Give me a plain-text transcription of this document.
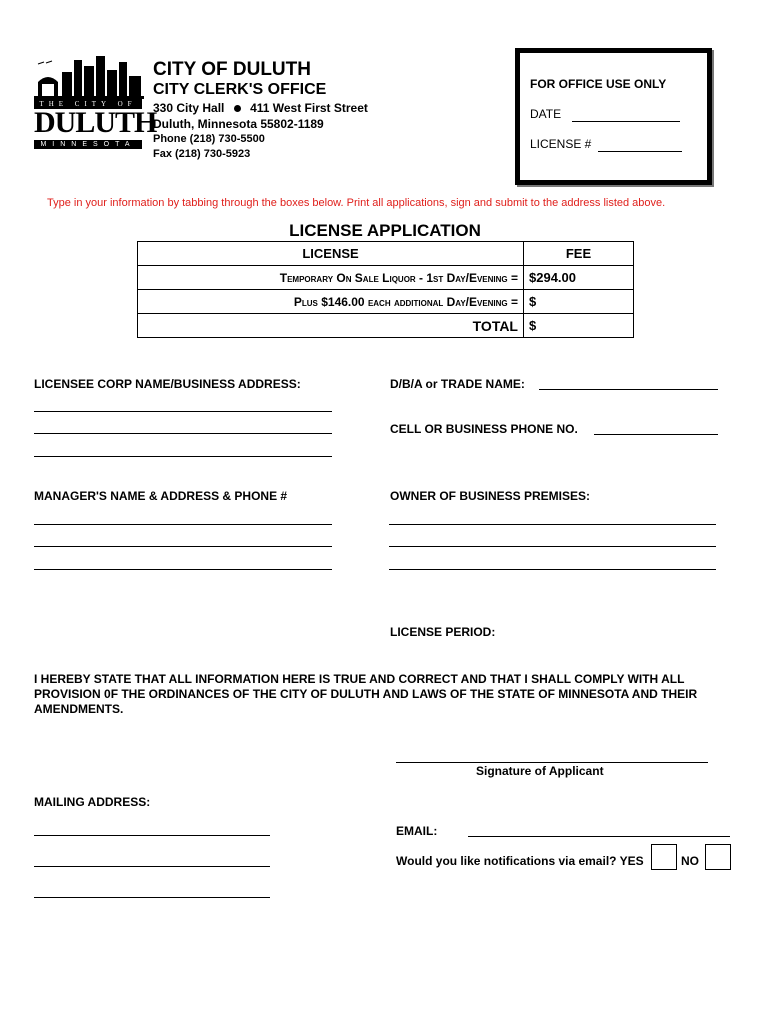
THE CITY OF
DULUTH
MINNESOTA
CITY OF DULUTH
CITY CLERK'S OFFICE
330 City Hall 411 West First Street
Duluth, Minnesota 55802-1189
Phone (218) 730-5500
Fax (218) 730-5923
FOR OFFICE USE ONLY
DATE
LICENSE #
Type in your information by tabbing through the boxes below. Print all applications, sign and submit to the address listed above.
LICENSE APPLICATION
LICENSE	FEE
Temporary On Sale Liquor - 1st Day/Evening =	$294.00
Plus $146.00 each additional Day/Evening =	$
TOTAL	$
LICENSEE CORP NAME/BUSINESS ADDRESS:
MANAGER'S NAME & ADDRESS & PHONE #
D/B/A or TRADE NAME:
CELL OR BUSINESS PHONE NO.
OWNER OF BUSINESS PREMISES:
LICENSE PERIOD:
I HEREBY STATE THAT ALL INFORMATION HERE IS TRUE AND CORRECT AND THAT I SHALL COMPLY WITH ALL PROVISION 0F THE ORDINANCES OF THE CITY OF DULUTH AND LAWS OF THE STATE OF MINNESOTA AND THEIR AMENDMENTS.
Signature of Applicant
MAILING ADDRESS:
EMAIL:
Would you like notifications via email? YES	NO
